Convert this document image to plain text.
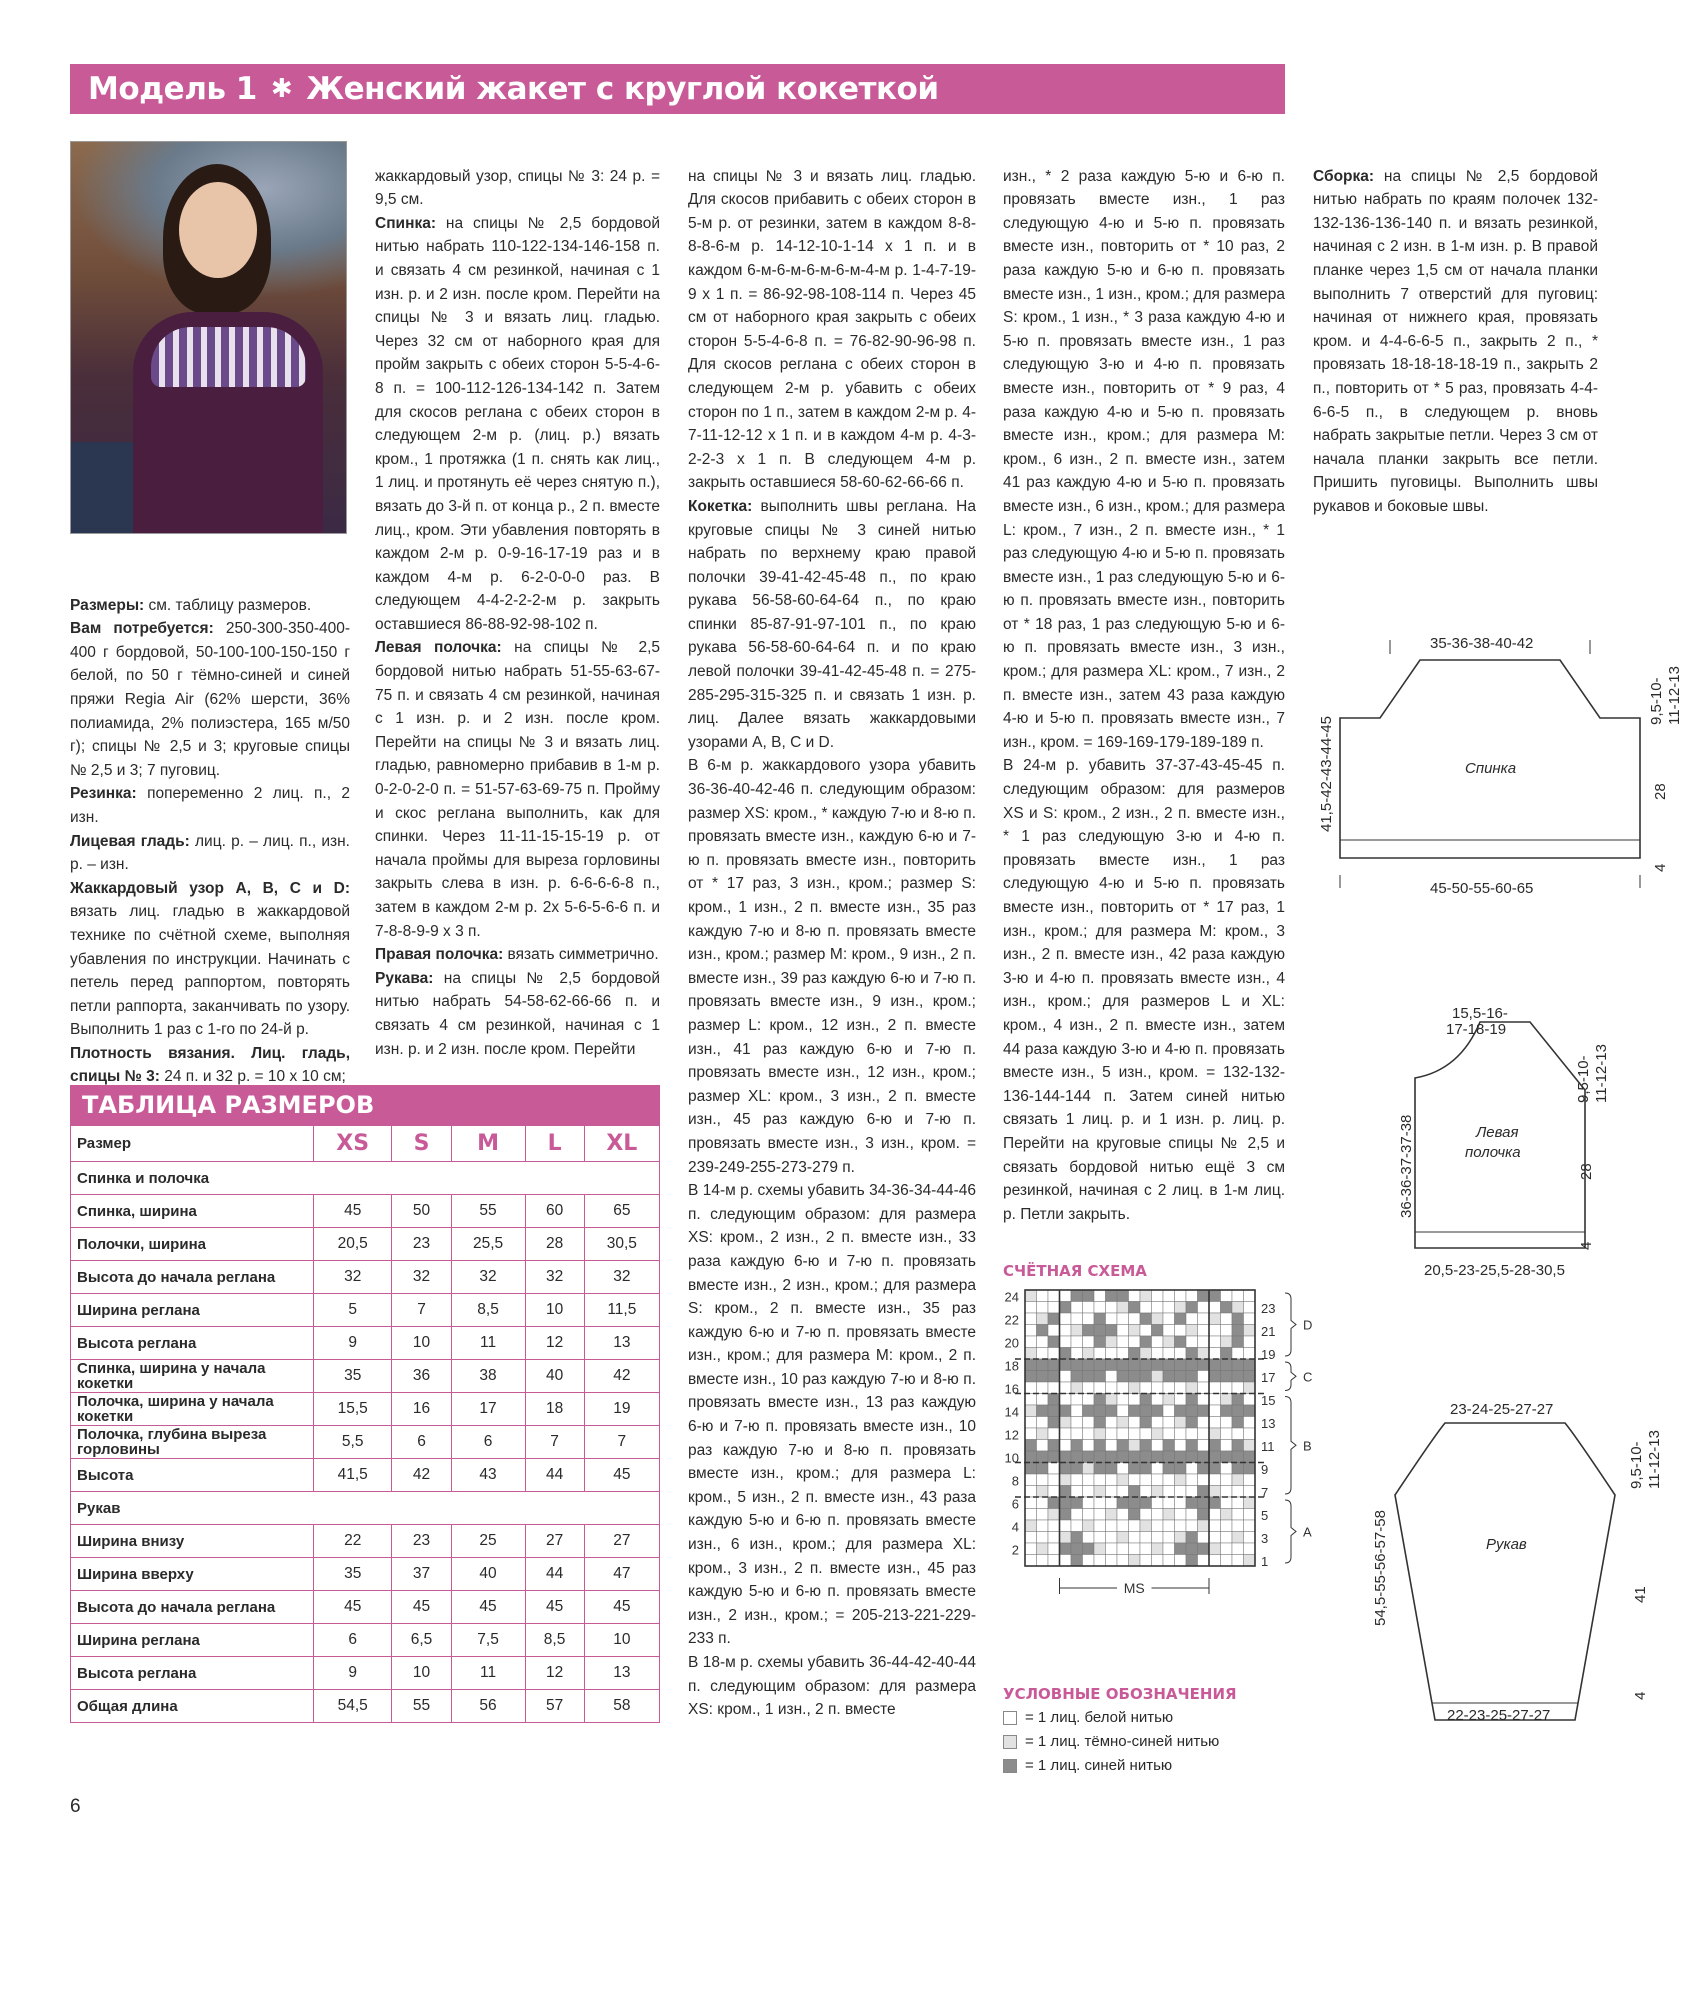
Модель 1 ✱ Женский жакет с круглой кокеткой

Размеры: см. таблицу размеров.
Вам потребуется: 250-300-350-400-400 г бордовой, 50-100-100-150-150 г белой, по 50 г тёмно-синей и синей пряжи Regia Air (62% шерсти, 36% полиамида, 2% полиэстера, 165 м/50 г); спицы № 2,5 и 3; круговые спицы № 2,5 и 3; 7 пуговиц.
Резинка: попеременно 2 лиц. п., 2 изн.
Лицевая гладь: лиц. р. – лиц. п., изн. р. – изн.
Жаккардовый узор A, B, C и D: вязать лиц. гладью в жаккардовой технике по счётной схеме, выполняя убавления по инструкции. Начинать с петель перед раппортом, повторять петли раппорта, заканчивать по узору. Выполнить 1 раз с 1-го по 24-й р.
Плотность вязания. Лиц. гладь, спицы № 3: 24 п. и 32 р. = 10 х 10 см;

жаккардовый узор, спицы № 3: 24 р. = 9,5 см.
Спинка: на спицы № 2,5 бордовой нитью набрать 110-122-134-146-158 п. и связать 4 см резинкой, начиная с 1 изн. р. и 2 изн. после кром. Перейти на спицы № 3 и вязать лиц. гладью. Через 32 см от наборного края для пройм закрыть с обеих сторон 5-5-4-6-8 п. = 100-112-126-134-142 п. Затем для скосов реглана с обеих сторон в следующем 2-м р. (лиц. р.) вязать кром., 1 протяжка (1 п. снять как лиц., 1 лиц. и протянуть её через снятую п.), вязать до 3-й п. от конца р., 2 п. вместе лиц., кром. Эти убавления повторять в каждом 2-м р. 0-9-16-17-19 раз и в каждом 4-м р. 6-2-0-0-0 раз. В следующем 4-4-2-2-2-м р. закрыть оставшиеся 86-88-92-98-102 п.
Левая полочка: на спицы № 2,5 бордовой нитью набрать 51-55-63-67-75 п. и связать 4 см резинкой, начиная с 1 изн. р. и 2 изн. после кром. Перейти на спицы № 3 и вязать лиц. гладью, равномерно прибавив в 1-м р. 0-2-0-2-0 п. = 51-57-63-69-75 п. Пройму и скос реглана выполнить, как для спинки. Через 11-11-15-15-19 р. от начала проймы для выреза горловины закрыть слева в изн. р. 6-6-6-6-8 п., затем в каждом 2-м р. 2х 5-6-5-6-6 п. и 7-8-8-9-9 х 3 п.
Правая полочка: вязать симметрично.
Рукава: на спицы № 2,5 бордовой нитью набрать 54-58-62-66-66 п. и связать 4 см резинкой, начиная с 1 изн. р. и 2 изн. после кром. Перейти

на спицы № 3 и вязать лиц. гладью. Для скосов прибавить с обеих сторон в 5-м р. от резинки, затем в каждом 8-8-8-8-6-м р. 14-12-10-1-14 х 1 п. и в каждом 6-м-6-м-6-м-6-м-4-м р. 1-4-7-19-9 х 1 п. = 86-92-98-108-114 п. Через 45 см от наборного края закрыть с обеих сторон 5-5-4-6-8 п. = 76-82-90-96-98 п. Для скосов реглана с обеих сторон в следующем 2-м р. убавить с обеих сторон по 1 п., затем в каждом 2-м р. 4-7-11-12-12 х 1 п. и в каждом 4-м р. 4-3-2-2-3 х 1 п. В следующем 4-м р. закрыть оставшиеся 58-60-62-66-66 п.
Кокетка: выполнить швы реглана. На круговые спицы № 3 синей нитью набрать по верхнему краю правой полочки 39-41-42-45-48 п., по краю рукава 56-58-60-64-64 п., по краю спинки 85-87-91-97-101 п., по краю рукава 56-58-60-64-64 п. и по краю левой полочки 39-41-42-45-48 п. = 275-285-295-315-325 п. и связать 1 изн. р. лиц. Далее вязать жаккардовыми узорами A, B, C и D.
В 6-м р. жаккардового узора убавить 36-36-40-42-46 п. следующим образом: размер XS: кром., * каждую 7-ю и 8-ю п. провязать вместе изн., каждую 6-ю и 7-ю п. провязать вместе изн., повторить от * 17 раз, 3 изн., кром.; размер S: кром., 1 изн., 2 п. вместе изн., 35 раз каждую 7-ю и 8-ю п. провязать вместе изн., кром.; размер M: кром., 9 изн., 2 п. вместе изн., 39 раз каждую 6-ю и 7-ю п. провязать вместе изн., 9 изн., кром.; размер L: кром., 12 изн., 2 п. вместе изн., 41 раз каждую 6-ю и 7-ю п. провязать вместе изн., 12 изн., кром.; размер XL: кром., 3 изн., 2 п. вместе изн., 45 раз каждую 6-ю и 7-ю п. провязать вместе изн., 3 изн., кром. = 239-249-255-273-279 п.
В 14-м р. схемы убавить 34-36-34-44-46 п. следующим образом: для размера XS: кром., 2 изн., 2 п. вместе изн., 33 раза каждую 6-ю и 7-ю п. провязать вместе изн., 2 изн., кром.; для размера S: кром., 2 п. вместе изн., 35 раз каждую 6-ю и 7-ю п. провязать вместе изн., кром.; для размера M: кром., 2 п. вместе изн., 10 раз каждую 7-ю и 8-ю п. провязать вместе изн., 13 раз каждую 6-ю и 7-ю п. провязать вместе изн., 10 раз каждую 7-ю и 8-ю п. провязать вместе изн., кром.; для размера L: кром., 5 изн., 2 п. вместе изн., 43 раза каждую 5-ю и 6-ю п. провязать вместе изн., 6 изн., кром.; для размера XL: кром., 3 изн., 2 п. вместе изн., 45 раз каждую 5-ю и 6-ю п. провязать вместе изн., 2 изн., кром.; = 205-213-221-229-233 п.
В 18-м р. схемы убавить 36-44-42-40-44 п. следующим образом: для размера XS: кром., 1 изн., 2 п. вместе

изн., * 2 раза каждую 5-ю и 6-ю п. провязать вместе изн., 1 раз следующую 4-ю и 5-ю п. провязать вместе изн., повторить от * 10 раз, 2 раза каждую 5-ю и 6-ю п. провязать вместе изн., 1 изн., кром.; для размера S: кром., 1 изн., * 3 раза каждую 4-ю и 5-ю п. провязать вместе изн., 1 раз следующую 3-ю и 4-ю п. провязать вместе изн., повторить от * 9 раз, 4 раза каждую 4-ю и 5-ю п. провязать вместе изн., кром.; для размера M: кром., 6 изн., 2 п. вместе изн., затем 41 раз каждую 4-ю и 5-ю п. провязать вместе изн., 6 изн., кром.; для размера L: кром., 7 изн., 2 п. вместе изн., * 1 раз следующую 4-ю и 5-ю п. провязать вместе изн., 1 раз следующую 5-ю и 6-ю п. провязать вместе изн., повторить от * 18 раз, 1 раз следующую 5-ю и 6-ю п. провязать вместе изн., 3 изн., кром.; для размера XL: кром., 7 изн., 2 п. вместе изн., затем 43 раза каждую 4-ю и 5-ю п. провязать вместе изн., 7 изн., кром. = 169-169-179-189-189 п.
В 24-м р. убавить 37-37-43-45-45 п. следующим образом: для размеров XS и S: кром., 2 изн., 2 п. вместе изн., * 1 раз следующую 3-ю и 4-ю п. провязать вместе изн., 1 раз следующую 4-ю и 5-ю п. провязать вместе изн., повторить от * 17 раз, 1 изн., кром.; для размера M: кром., 3 изн., 2 п. вместе изн., 42 раза каждую 3-ю и 4-ю п. провязать вместе изн., 4 изн., кром.; для размеров L и XL: кром., 4 изн., 2 п. вместе изн., затем 44 раза каждую 3-ю и 4-ю п. провязать вместе изн., 5 изн., кром. = 132-132-136-144-144 п. Затем синей нитью связать 1 лиц. р. и 1 изн. р. лиц. р. Перейти на круговые спицы № 2,5 и связать бордовой нитью ещё 3 см резинкой, начиная с 2 лиц. в 1-м лиц. р. Петли закрыть.

Сборка: на спицы № 2,5 бордовой нитью набрать по краям полочек 132-132-136-136-140 п. и вязать резинкой, начиная с 2 изн. в 1-м изн. р. В правой планке через 1,5 см от начала планки выполнить 7 отверстий для пуговиц: начиная от нижнего края, провязать кром. и 4-4-6-6-5 п., закрыть 2 п., * провязать 18-18-18-18-19 п., закрыть 2 п., повторить от * 5 раз, провязать 4-4-6-6-5 п., в следующем р. вновь набрать закрытые петли. Через 3 см от начала планки закрыть все петли. Пришить пуговицы. Выполнить швы рукавов и боковые швы.

ТАБЛИЦА РАЗМЕРОВ
Размер	XS	S	M	L	XL
Спинка и полочка					
Спинка, ширина	45	50	55	60	65
Полочки, ширина	20,5	23	25,5	28	30,5
Высота до начала реглана	32	32	32	32	32
Ширина реглана	5	7	8,5	10	11,5
Высота реглана	9	10	11	12	13
Спинка, ширина у начала кокетки	35	36	38	40	42
Полочка, ширина у начала кокетки	15,5	16	17	18	19
Полочка, глубина выреза горловины	5,5	6	6	7	7
Высота	41,5	42	43	44	45
Рукав					
Ширина внизу	22	23	25	27	27
Ширина вверху	35	37	40	44	47
Высота до начала реглана	45	45	45	45	45
Ширина реглана	6	6,5	7,5	8,5	10
Высота реглана	9	10	11	12	13
Общая длина	54,5	55	56	57	58
6
35-36-38-40-42
45-50-55-60-65
Спинка
41,5-42-43-44-45
9,5-10- 11-12-13
28
4
15,5-16-
17-18-19
20,5-23-25,5-28-30,5
Левая
полочка
36-36-37-37-38
9,5-10- 11-12-13
28
4
23-24-25-27-27
22-23-25-27-27
Рукав
54,5-55-56-57-58
9,5-10- 11-12-13
41
4
СЧЁТНАЯ СХЕМА
24
22
20
18
16
14
12
10
8
6
4
2
23
21
19
17
15
13
11
9
7
5
3
1
D
C
B
A
MS
УСЛОВНЫЕ ОБОЗНАЧЕНИЯ
= 1 лиц. белой нитью
= 1 лиц. тёмно-синей нитью
= 1 лиц. синей нитью
